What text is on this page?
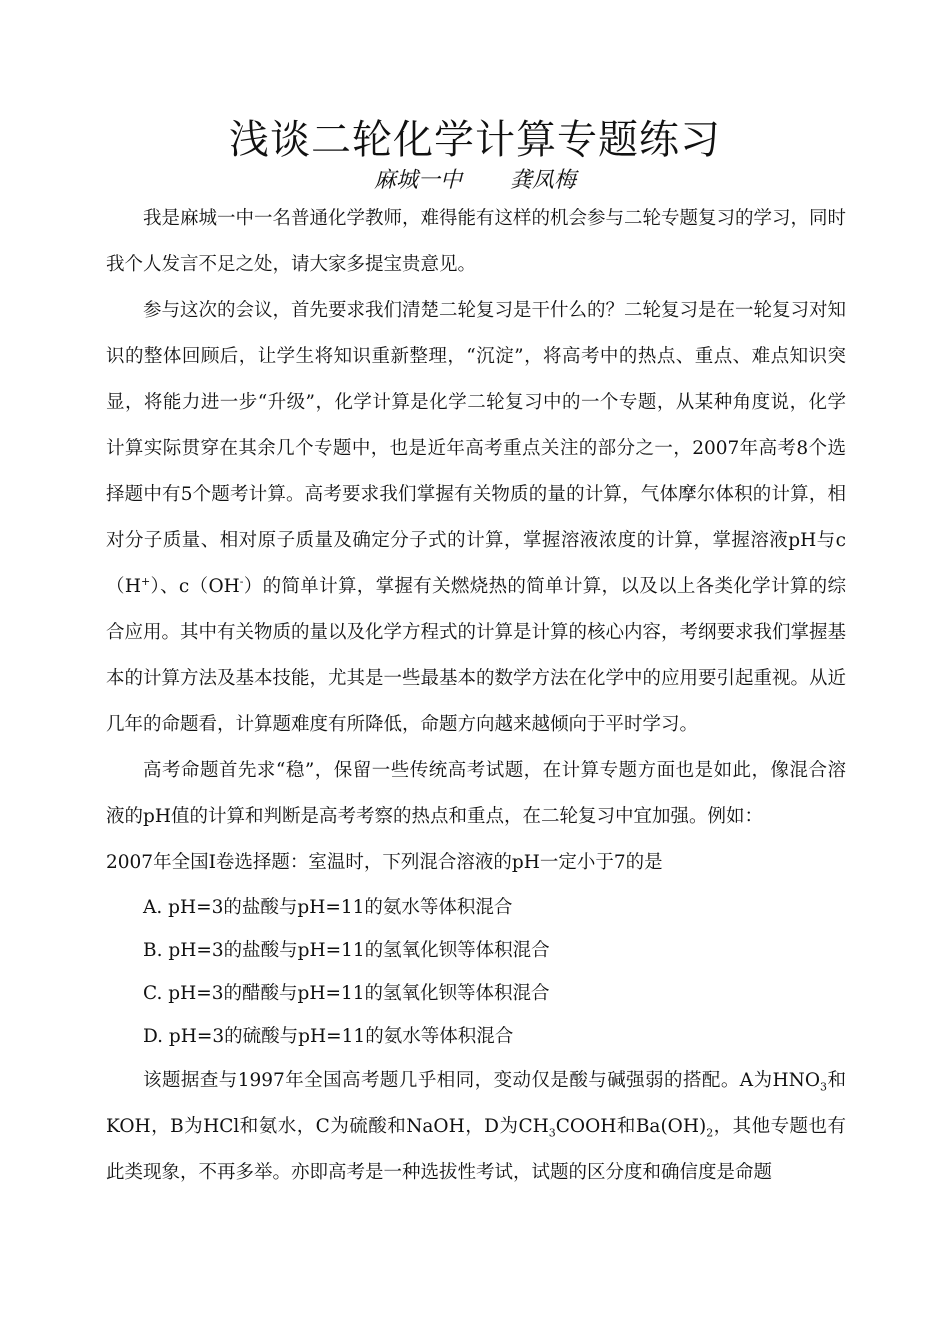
浅谈二轮化学计算专题练习
麻城一中 龚凤梅

我是麻城一中一名普通化学教师，难得能有这样的机会参与二轮专题复习的学习，同时我个人发言不足之处，请大家多提宝贵意见。

参与这次的会议，首先要求我们清楚二轮复习是干什么的？二轮复习是在一轮复习对知识的整体回顾后，让学生将知识重新整理，“沉淀”，将高考中的热点、重点、难点知识突显，将能力进一步“升级”，化学计算是化学二轮复习中的一个专题，从某种角度说，化学计算实际贯穿在其余几个专题中，也是近年高考重点关注的部分之一，2007年高考8个选择题中有5个题考计算。高考要求我们掌握有关物质的量的计算，气体摩尔体积的计算，相对分子质量、相对原子质量及确定分子式的计算，掌握溶液浓度的计算，掌握溶液pH与c（H+）、c（OH-）的简单计算，掌握有关燃烧热的简单计算，以及以上各类化学计算的综合应用。其中有关物质的量以及化学方程式的计算是计算的核心内容，考纲要求我们掌握基本的计算方法及基本技能，尤其是一些最基本的数学方法在化学中的应用要引起重视。从近几年的命题看，计算题难度有所降低，命题方向越来越倾向于平时学习。

高考命题首先求“稳”，保留一些传统高考试题，在计算专题方面也是如此，像混合溶液的pH值的计算和判断是高考考察的热点和重点，在二轮复习中宜加强。例如：

2007年全国Ⅰ卷选择题：室温时，下列混合溶液的pH一定小于7的是

A. pH=3的盐酸与pH=11的氨水等体积混合

B. pH=3的盐酸与pH=11的氢氧化钡等体积混合

C. pH=3的醋酸与pH=11的氢氧化钡等体积混合

D. pH=3的硫酸与pH=11的氨水等体积混合

该题据查与1997年全国高考题几乎相同，变动仅是酸与碱强弱的搭配。A为$HNO_3$和KOH，B为HCl和氨水，C为硫酸和NaOH，D为$CH_3COOH$和$Ba(OH)_2$，其他专题也有此类现象，不再多举。亦即高考是一种选拔性考试，试题的区分度和确信度是命题
